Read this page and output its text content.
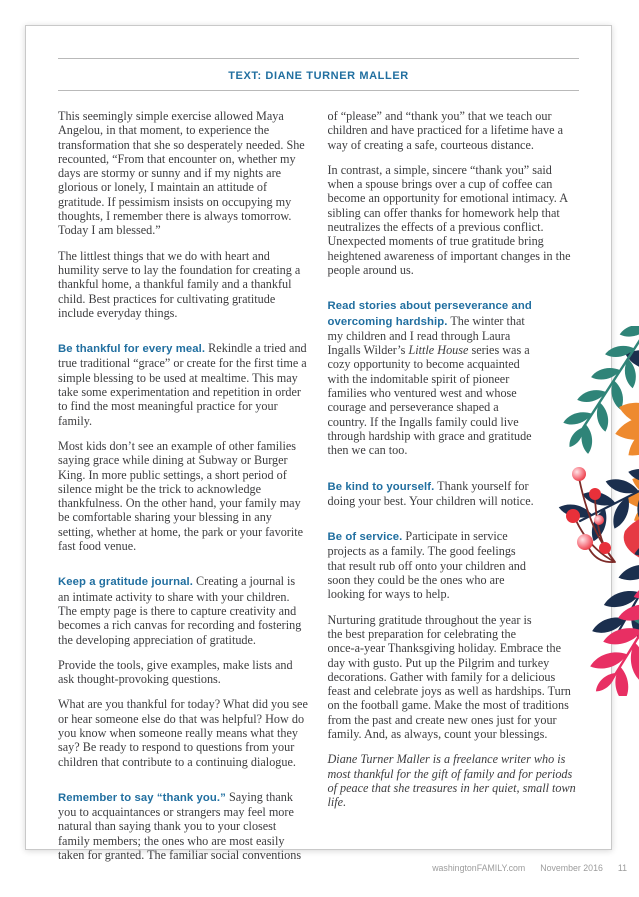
TEXT: DIANE TURNER MALLER

This seemingly simple exercise allowed Maya Angelou, in that moment, to experience the transformation that she so desperately needed. She recounted, “From that encounter on, whether my days are stormy or sunny and if my nights are glorious or lonely, I maintain an attitude of gratitude. If pessimism insists on occupying my thoughts, I remember there is always tomorrow. Today I am blessed.”

The littlest things that we do with heart and humility serve to lay the foundation for creating a thankful home, a thankful family and a thankful child. Best practices for cultivating gratitude include everyday things.

Be thankful for every meal. Rekindle a tried and true traditional “grace” or create for the first time a simple blessing to be used at mealtime. This may take some experimentation and repetition in order to find the most meaningful practice for your family.

Most kids don’t see an example of other families saying grace while dining at Subway or Burger King. In more public settings, a short period of silence might be the trick to acknowledge thankfulness. On the other hand, your family may be comfortable sharing your blessing in any setting, whether at home, the park or your favorite fast food venue.

Keep a gratitude journal. Creating a journal is an intimate activity to share with your children. The empty page is there to capture creativity and becomes a rich canvas for recording and fostering the developing appreciation of gratitude.

Provide the tools, give examples, make lists and ask thought-provoking questions.

What are you thankful for today? What did you see or hear someone else do that was helpful? How do you know when someone really means what they say? Be ready to respond to questions from your children that contribute to a continuing dialogue.

Remember to say “thank you.” Saying thank you to acquaintances or strangers may feel more natural than saying thank you to your closest family members; the ones who are most easily taken for granted. The familiar social conventions

of “please” and “thank you” that we teach our children and have practiced for a lifetime have a way of creating a safe, courteous distance.

In contrast, a simple, sincere “thank you” said when a spouse brings over a cup of coffee can become an opportunity for emotional intimacy. A sibling can offer thanks for homework help that neutralizes the effects of a previous conflict. Unexpected moments of true gratitude bring heightened awareness of important changes in the people around us.

Read stories about perseverance and overcoming hardship. The winter that my children and I read through Laura Ingalls Wilder’s Little House series was a cozy opportunity to become acquainted with the indomitable spirit of pioneer families who ventured west and whose courage and perseverance shaped a country. If the Ingalls family could live through hardship with grace and gratitude then we can too.

Be kind to yourself. Thank yourself for doing your best. Your children will notice.

Be of service. Participate in service projects as a family. The good feelings that result rub off onto your children and soon they could be the ones who are looking for ways to help.

Nurturing gratitude throughout the year is the best preparation for celebrating the once-a-year Thanksgiving holiday. Embrace the day with gusto. Put up the Pilgrim and turkey decorations. Gather with family for a delicious feast and celebrate joys as well as hardships. Turn on the football game. Make the most of traditions from the past and create new ones just for your family. And, as always, count your blessings.

Diane Turner Maller is a freelance writer who is most thankful for the gift of family and for periods of peace that she treasures in her quiet, small town life.

washingtonFAMILY.com November 2016 11
